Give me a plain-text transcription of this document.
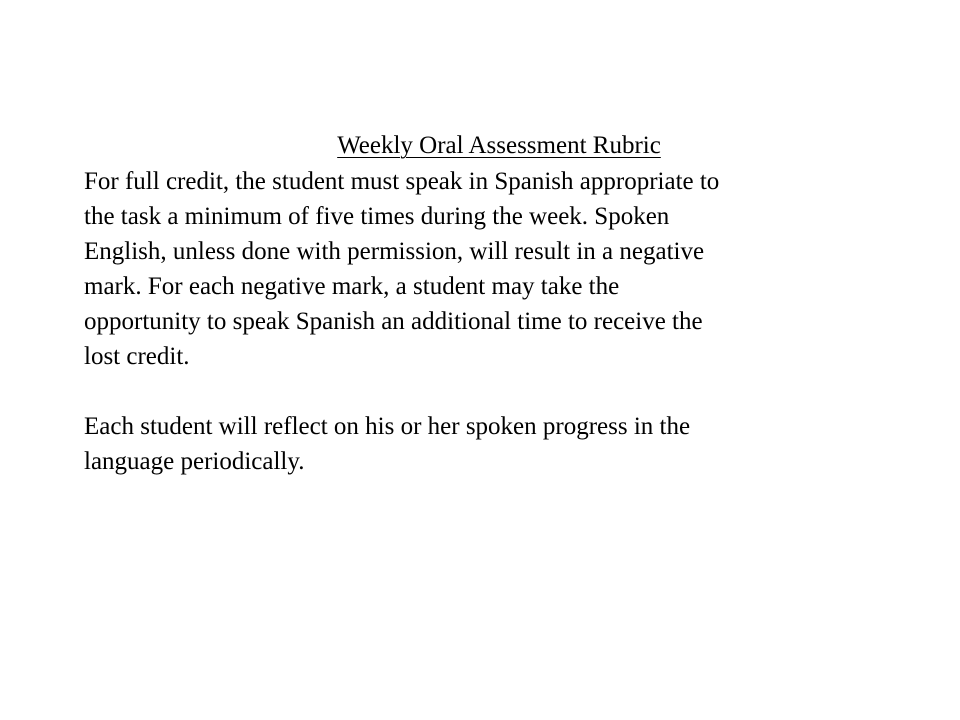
Weekly Oral Assessment Rubric

For full credit, the student must speak in Spanish appropriate to
the task a minimum of five times during the week. Spoken
English, unless done with permission, will result in a negative
mark. For each negative mark, a student may take the
opportunity to speak Spanish an additional time to receive the
lost credit.

Each student will reflect on his or her spoken progress in the
language periodically.
